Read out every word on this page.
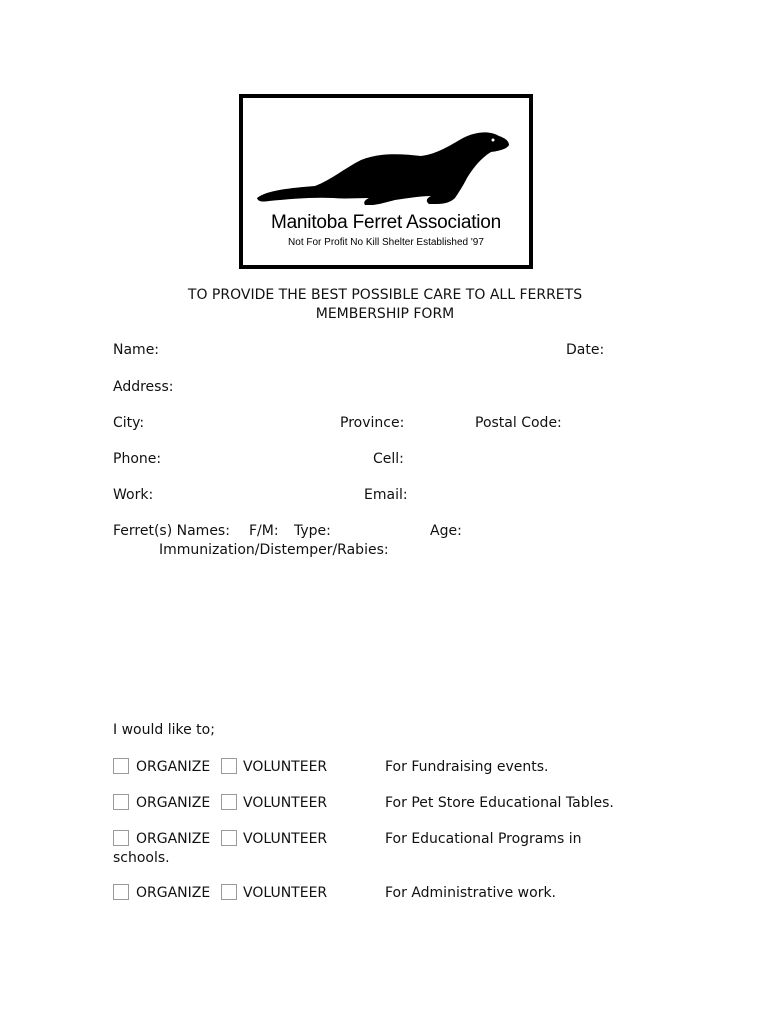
Manitoba Ferret Association
Not For Profit No Kill Shelter Established '97
TO PROVIDE THE BEST POSSIBLE CARE TO ALL FERRETS
MEMBERSHIP FORM
Name:	Date:
Address:
City:	Province:	Postal Code:
Phone:	Cell:
Work:	Email:
Ferret(s) Names: F/M: Type:	Age:
Immunization/Distemper/Rabies:
I would like to;
ORGANIZE VOLUNTEER	For Fundraising events.
ORGANIZE VOLUNTEER	For Pet Store Educational Tables.
ORGANIZE VOLUNTEER	For Educational Programs in
schools.
ORGANIZE VOLUNTEER	For Administrative work.
